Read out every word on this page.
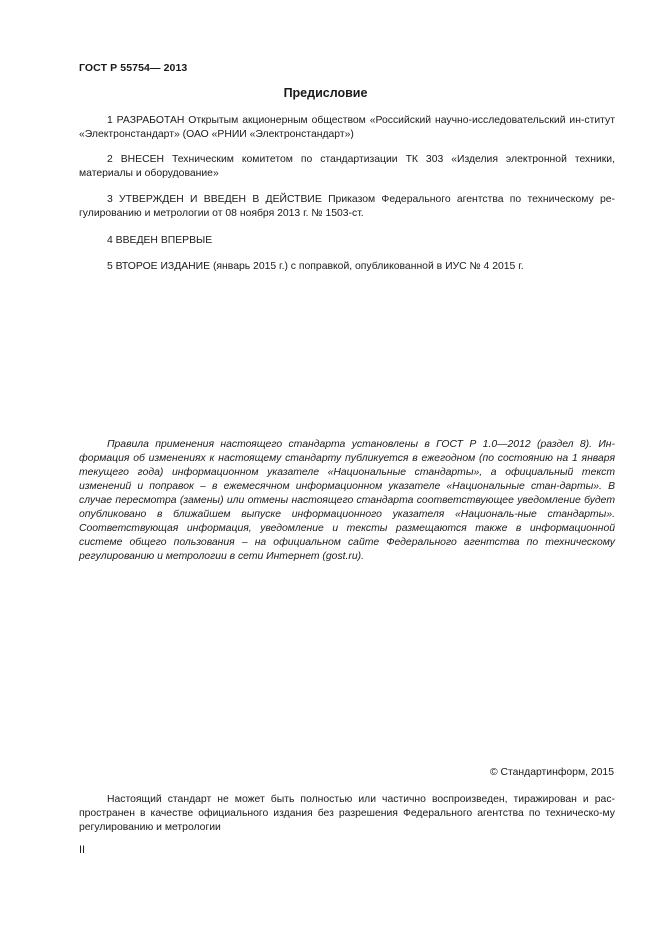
ГОСТ Р 55754— 2013
Предисловие
1 РАЗРАБОТАН Открытым акционерным обществом «Российский научно-исследовательский ин-ститут «Электронстандарт» (ОАО «РНИИ «Электронстандарт»)
2 ВНЕСЕН Техническим комитетом по стандартизации ТК 303 «Изделия электронной техники, материалы и оборудование»
3 УТВЕРЖДЕН И ВВЕДЕН В ДЕЙСТВИЕ Приказом Федерального агентства по техническому ре-гулированию и метрологии от 08 ноября 2013 г. № 1503-ст.
4 ВВЕДЕН ВПЕРВЫЕ
5 ВТОРОЕ ИЗДАНИЕ (январь 2015 г.) с поправкой, опубликованной в ИУС № 4 2015 г.
Правила применения настоящего стандарта установлены в ГОСТ Р 1.0—2012 (раздел 8). Ин-формация об изменениях к настоящему стандарту публикуется в ежегодном (по состоянию на 1 января текущего года) информационном указателе «Национальные стандарты», а официальный текст изменений и поправок – в ежемесячном информационном указателе «Национальные стан-дарты». В случае пересмотра (замены) или отмены настоящего стандарта соответствующее уведомление будет опубликовано в ближайшем выпуске информационного указателя «Националь-ные стандарты». Соответствующая информация, уведомление и тексты размещаются также в информационной системе общего пользования – на официальном сайте Федерального агентства по техническому регулированию и метрологии в сети Интернет (gost.ru).
© Стандартинформ, 2015
Настоящий стандарт не может быть полностью или частично воспроизведен, тиражирован и рас-пространен в качестве официального издания без разрешения Федерального агентства по техническо-му регулированию и метрологии
II
